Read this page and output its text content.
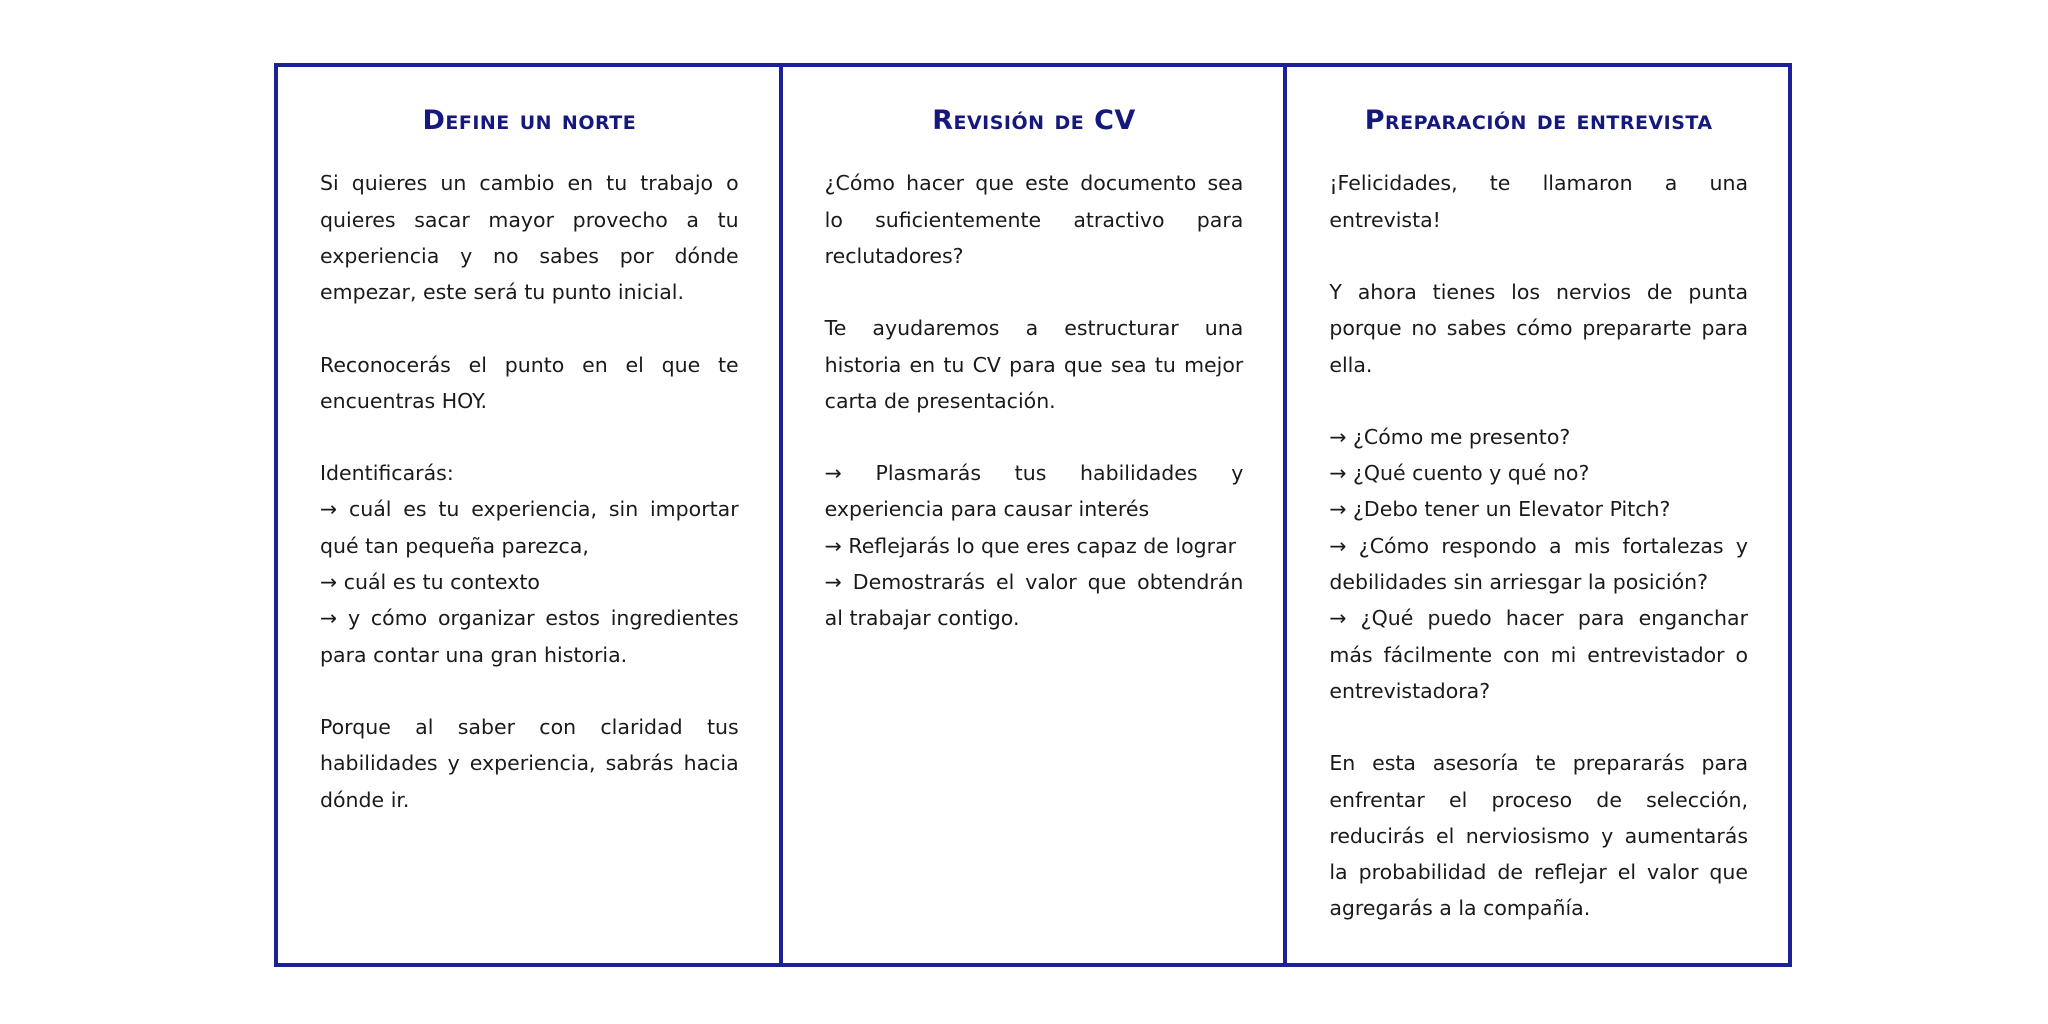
Define un norte

Si quieres un cambio en tu trabajo o quieres sacar mayor provecho a tu experiencia y no sabes por dónde empezar, este será tu punto inicial.

Reconocerás el punto en el que te encuentras HOY.

Identificarás:
→ cuál es tu experiencia, sin importar qué tan pequeña parezca,
→ cuál es tu contexto
→ y cómo organizar estos ingredientes para contar una gran historia.

Porque al saber con claridad tus habilidades y experiencia, sabrás hacia dónde ir.

Revisión de CV

¿Cómo hacer que este documento sea lo suficientemente atractivo para reclutadores?

Te ayudaremos a estructurar una historia en tu CV para que sea tu mejor carta de presentación.

→ Plasmarás tus habilidades y experiencia para causar interés
→ Reflejarás lo que eres capaz de lograr
→ Demostrarás el valor que obtendrán al trabajar contigo.

Preparación de entrevista

¡Felicidades, te llamaron a una entrevista!

Y ahora tienes los nervios de punta porque no sabes cómo prepararte para ella.

→ ¿Cómo me presento?
→ ¿Qué cuento y qué no?
→ ¿Debo tener un Elevator Pitch?
→ ¿Cómo respondo a mis fortalezas y debilidades sin arriesgar la posición?
→ ¿Qué puedo hacer para enganchar más fácilmente con mi entrevistador o entrevistadora?

En esta asesoría te prepararás para enfrentar el proceso de selección, reducirás el nerviosismo y aumentarás la probabilidad de reflejar el valor que agregarás a la compañía.
